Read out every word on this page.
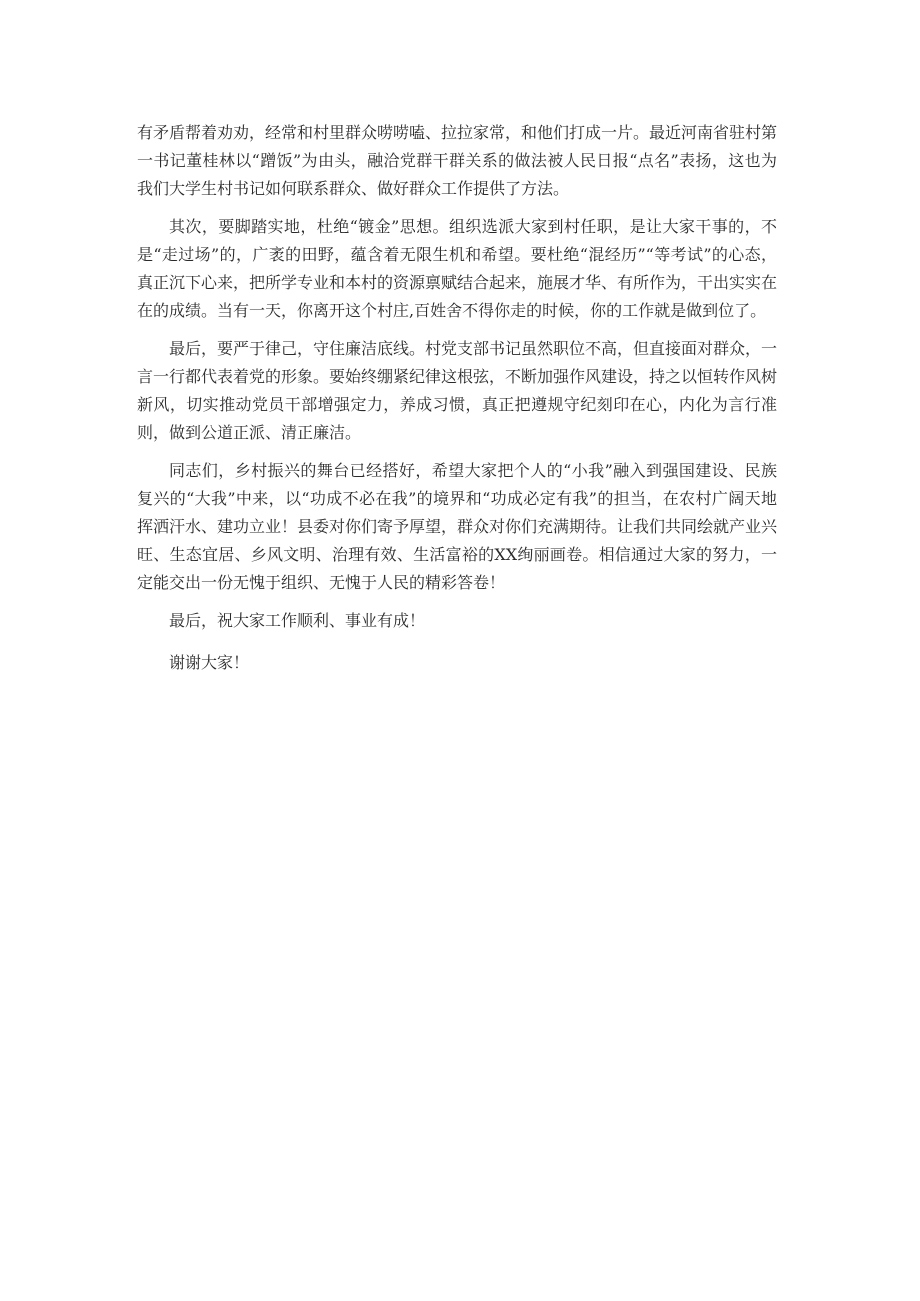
有矛盾帮着劝劝，经常和村里群众唠唠嗑、拉拉家常，和他们打成一片。最近河南省驻村第一书记董桂林以“蹭饭”为由头，融洽党群干群关系的做法被人民日报“点名”表扬，这也为我们大学生村书记如何联系群众、做好群众工作提供了方法。

其次，要脚踏实地，杜绝“镀金”思想。组织选派大家到村任职，是让大家干事的，不是“走过场”的，广袤的田野，蕴含着无限生机和希望。要杜绝“混经历”“等考试”的心态，真正沉下心来，把所学专业和本村的资源禀赋结合起来，施展才华、有所作为，干出实实在在的成绩。当有一天，你离开这个村庄,百姓舍不得你走的时候，你的工作就是做到位了。

最后，要严于律己，守住廉洁底线。村党支部书记虽然职位不高，但直接面对群众，一言一行都代表着党的形象。要始终绷紧纪律这根弦，不断加强作风建设，持之以恒转作风树新风，切实推动党员干部增强定力，养成习惯，真正把遵规守纪刻印在心，内化为言行准则，做到公道正派、清正廉洁。

同志们，乡村振兴的舞台已经搭好，希望大家把个人的“小我”融入到强国建设、民族复兴的“大我”中来，以“功成不必在我”的境界和“功成必定有我”的担当，在农村广阔天地挥洒汗水、建功立业！县委对你们寄予厚望，群众对你们充满期待。让我们共同绘就产业兴旺、生态宜居、乡风文明、治理有效、生活富裕的XX绚丽画卷。相信通过大家的努力，一定能交出一份无愧于组织、无愧于人民的精彩答卷！

最后，祝大家工作顺利、事业有成！

谢谢大家！
